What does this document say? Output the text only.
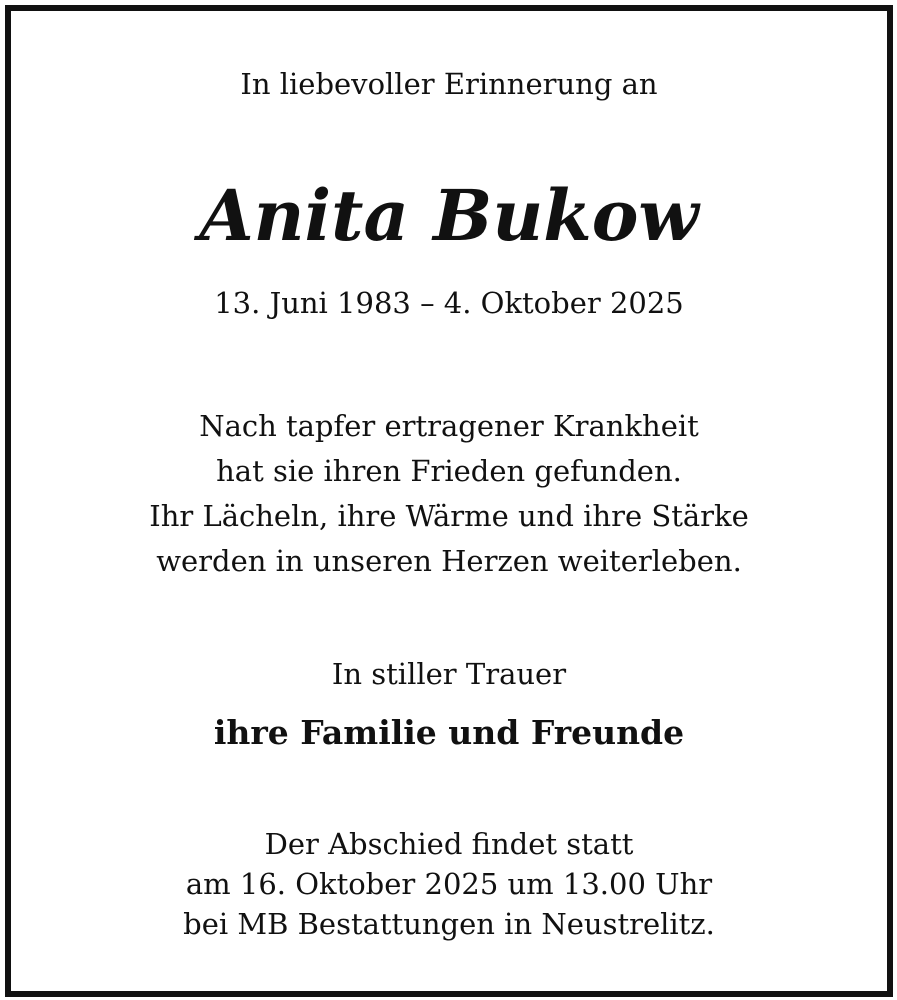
In liebevoller Erinnerung an
Anita Bukow
13. Juni 1983 – 4. Oktober 2025
Nach tapfer ertragener Krankheit
hat sie ihren Frieden gefunden.
Ihr Lächeln, ihre Wärme und ihre Stärke
werden in unseren Herzen weiterleben.
In stiller Trauer
ihre Familie und Freunde
Der Abschied findet statt
am 16. Oktober 2025 um 13.00 Uhr
bei MB Bestattungen in Neustrelitz.
